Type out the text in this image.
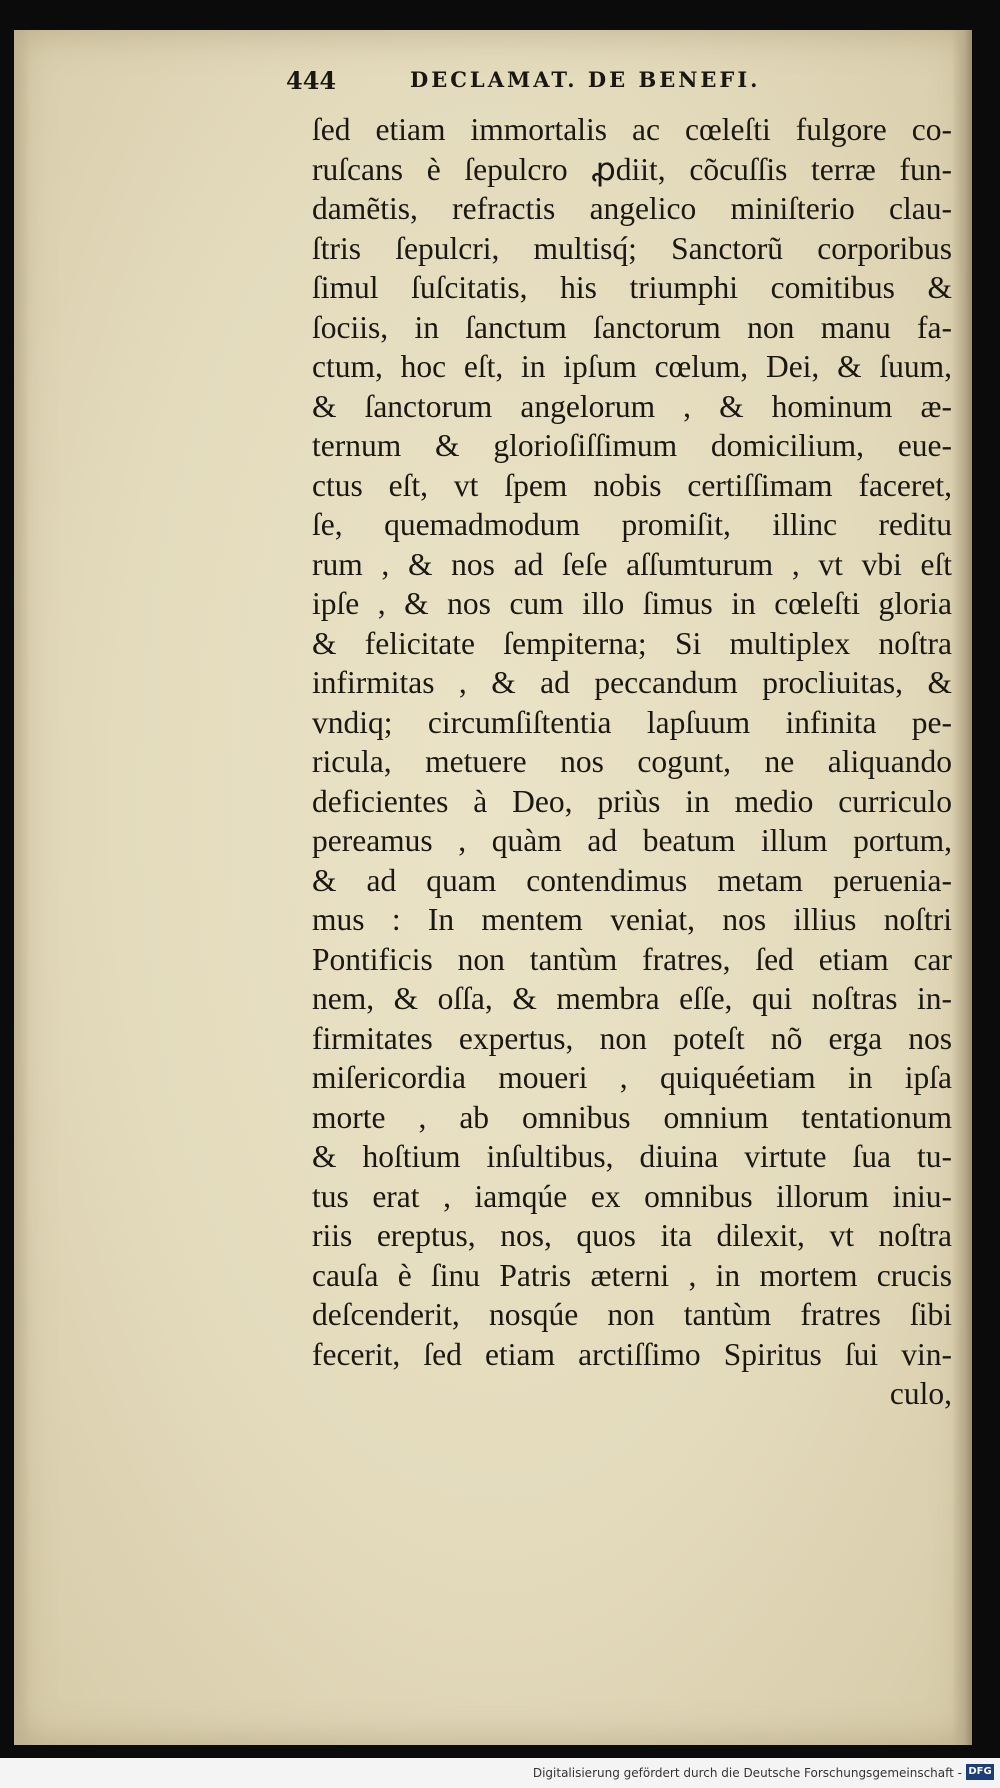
444	DECLAMAT. DE BENEFI.
ſed etiam immortalis ac cœleſti fulgore co-
ruſcans è ſepulcro ꝓdiit, cõcuſſis terræ fun-
damẽtis, refractis angelico miniſterio clau-
ſtris ſepulcri, multisq́; Sanctorũ corporibus
ſimul ſuſcitatis, his triumphi comitibus &
ſociis, in ſanctum ſanctorum non manu fa-
ctum, hoc eſt, in ipſum cœlum, Dei, & ſuum,
& ſanctorum angelorum , & hominum æ-
ternum & glorioſiſſimum domicilium, eue-
ctus eſt, vt ſpem nobis certiſſimam faceret,
ſe, quemadmodum promiſit, illinc reditu
rum , & nos ad ſeſe aſſumturum , vt vbi eſt
ipſe , & nos cum illo ſimus in cœleſti gloria
& felicitate ſempiterna; Si multiplex noſtra
infirmitas , & ad peccandum procliuitas, &
vndiq; circumſiſtentia lapſuum infinita pe-
ricula, metuere nos cogunt, ne aliquando
deficientes à Deo, priùs in medio curriculo
pereamus , quàm ad beatum illum portum,
& ad quam contendimus metam peruenia-
mus : In mentem veniat, nos illius noſtri
Pontificis non tantùm fratres, ſed etiam car
nem, & oſſa, & membra eſſe, qui noſtras in-
firmitates expertus, non poteſt nõ erga nos
miſericordia moueri , quiquéetiam in ipſa
morte , ab omnibus omnium tentationum
& hoſtium inſultibus, diuina virtute ſua tu-
tus erat , iamqúe ex omnibus illorum iniu-
riis ereptus, nos, quos ita dilexit, vt noſtra
cauſa è ſinu Patris æterni , in mortem crucis
deſcenderit, nosqúe non tantùm fratres ſibi
fecerit, ſed etiam arctiſſimo Spiritus ſui vin-
culo,
Digitalisierung gefördert durch die Deutsche Forschungsgemeinschaft - DFG
